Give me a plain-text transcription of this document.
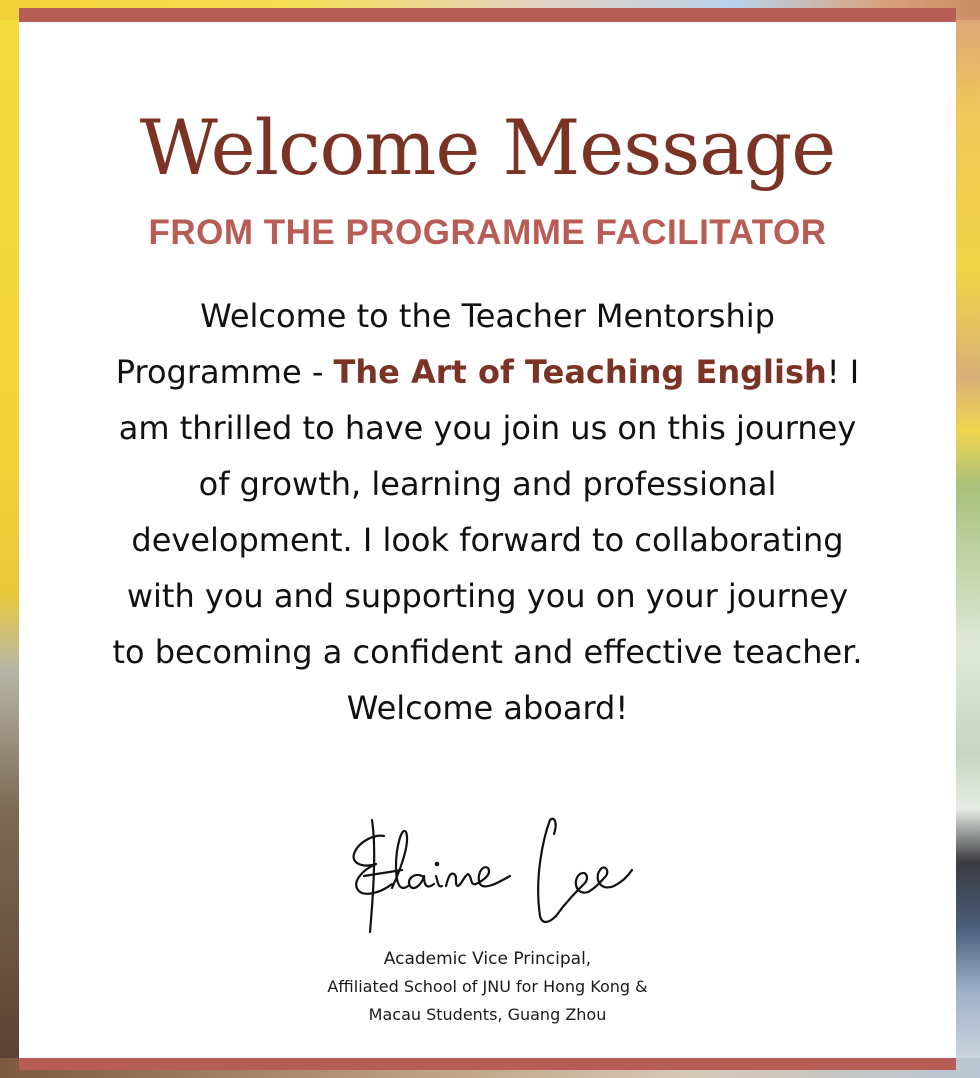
Welcome Message
FROM THE PROGRAMME FACILITATOR

Welcome to the Teacher Mentorship Programme - The Art of Teaching English! I am thrilled to have you join us on this journey of growth, learning and professional development. I look forward to collaborating with you and supporting you on your journey to becoming a confident and effective teacher. Welcome aboard!

Academic Vice Principal,

Affiliated School of JNU for Hong Kong &

Macau Students, Guang Zhou
